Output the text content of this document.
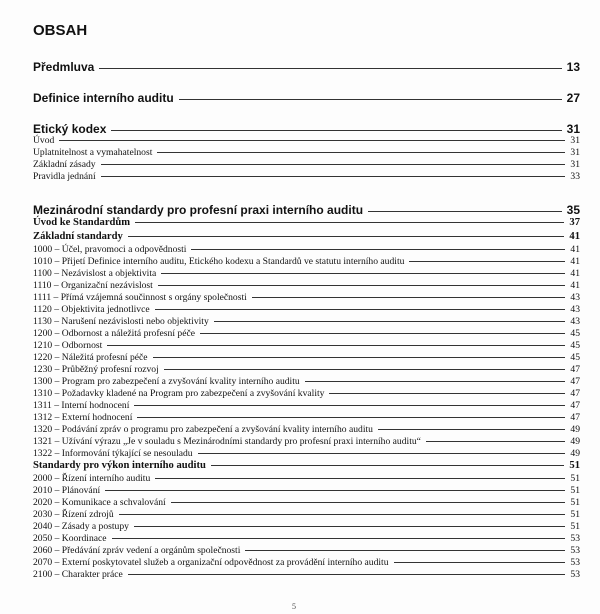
OBSAH
Předmluva	13
Definice interního auditu	27
Etický kodex	31
Úvod	31
Uplatnitelnost a vymahatelnost	31
Základní zásady	31
Pravidla jednání	33
Mezinárodní standardy pro profesní praxi interního auditu	35
Úvod ke Standardům	37
Základní standardy	41
1000 – Účel, pravomoci a odpovědnosti	41
1010 – Přijetí Definice interního auditu, Etického kodexu a Standardů ve statutu interního auditu	41
1100 – Nezávislost a objektivita	41
1110 – Organizační nezávislost	41
1111 – Přímá vzájemná součinnost s orgány společnosti	43
1120 – Objektivita jednotlivce	43
1130 – Narušení nezávislosti nebo objektivity	43
1200 – Odbornost a náležitá profesní péče	45
1210 – Odbornost	45
1220 – Náležitá profesní péče	45
1230 – Průběžný profesní rozvoj	47
1300 – Program pro zabezpečení a zvyšování kvality interního auditu	47
1310 – Požadavky kladené na Program pro zabezpečení a zvyšování kvality	47
1311 – Interní hodnocení	47
1312 – Externí hodnocení	47
1320 – Podávání zpráv o programu pro zabezpečení a zvyšování kvality interního auditu	49
1321 – Užívání výrazu „Je v souladu s Mezinárodními standardy pro profesní praxi interního auditu“	49
1322 – Informování týkající se nesouladu	49
Standardy pro výkon interního auditu	51
2000 – Řízení interního auditu	51
2010 – Plánování	51
2020 – Komunikace a schvalování	51
2030 – Řízení zdrojů	51
2040 – Zásady a postupy	51
2050 – Koordinace	53
2060 – Předávání zpráv vedení a orgánům společnosti	53
2070 – Externí poskytovatel služeb a organizační odpovědnost za provádění interního auditu	53
2100 – Charakter práce	53
5
